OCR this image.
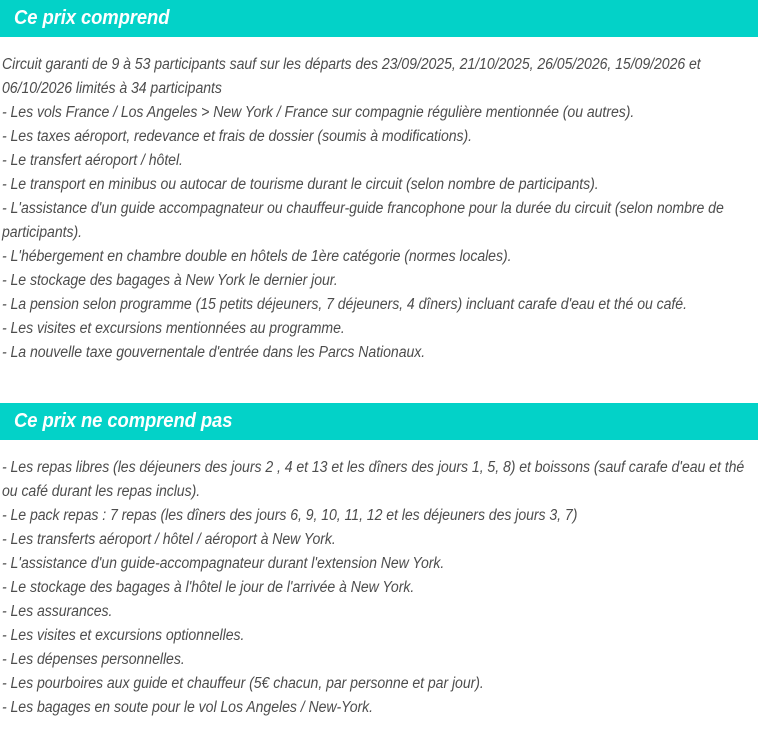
Ce prix comprend

Circuit garanti de 9 à 53 participants sauf sur les départs des 23/09/2025, 21/10/2025, 26/05/2026, 15/09/2026 et 06/10/2026 limités à 34 participants

- Les vols France / Los Angeles > New York / France sur compagnie régulière mentionnée (ou autres).

- Les taxes aéroport, redevance et frais de dossier (soumis à modifications).

- Le transfert aéroport / hôtel.

- Le transport en minibus ou autocar de tourisme durant le circuit (selon nombre de participants).

- L'assistance d'un guide accompagnateur ou chauffeur-guide francophone pour la durée du circuit (selon nombre de participants).

- L'hébergement en chambre double en hôtels de 1ère catégorie (normes locales).

- Le stockage des bagages à New York le dernier jour.

- La pension selon programme (15 petits déjeuners, 7 déjeuners, 4 dîners) incluant carafe d'eau et thé ou café.

- Les visites et excursions mentionnées au programme.

- La nouvelle taxe gouvernentale d'entrée dans les Parcs Nationaux.

Ce prix ne comprend pas

- Les repas libres (les déjeuners des jours 2 , 4 et 13 et les dîners des jours 1, 5, 8) et boissons (sauf carafe d'eau et thé ou café durant les repas inclus).

- Le pack repas : 7 repas (les dîners des jours 6, 9, 10, 11, 12 et les déjeuners des jours 3, 7)

- Les transferts aéroport / hôtel / aéroport à New York.

- L'assistance d'un guide-accompagnateur durant l'extension New York.

- Le stockage des bagages à l'hôtel le jour de l'arrivée à New York.

- Les assurances.

- Les visites et excursions optionnelles.

- Les dépenses personnelles.

- Les pourboires aux guide et chauffeur (5€ chacun, par personne et par jour).

- Les bagages en soute pour le vol Los Angeles / New-York.
